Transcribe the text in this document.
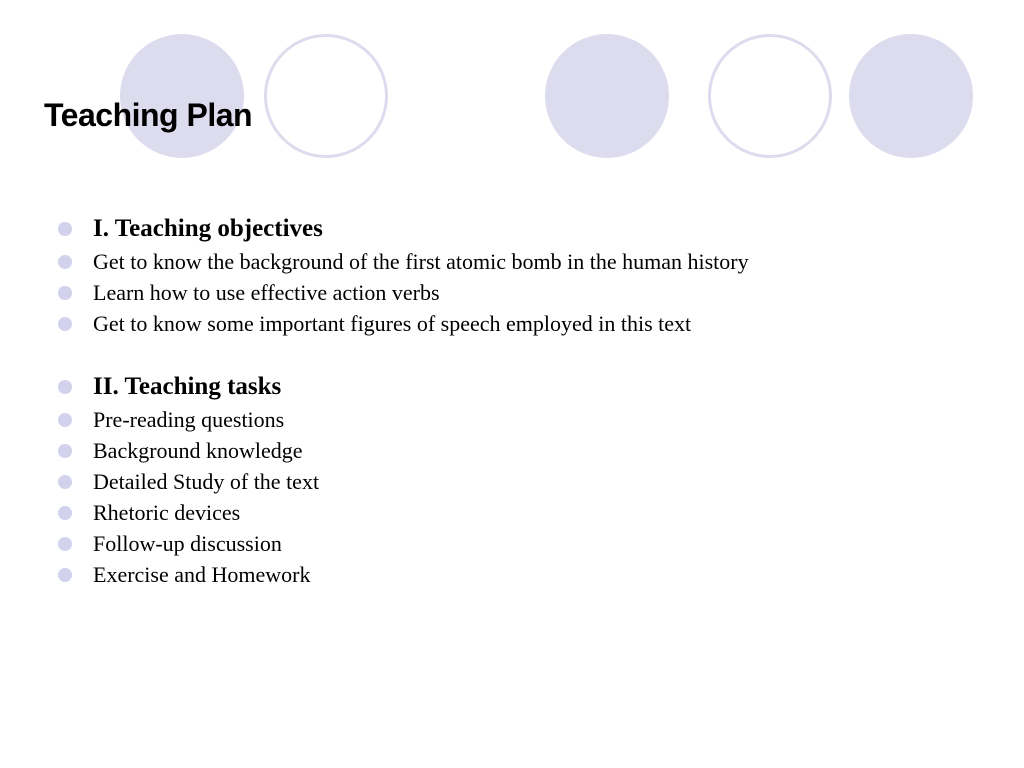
Teaching Plan
I. Teaching objectives
Get to know the background of the first atomic bomb in the human history
Learn how to use effective action verbs
Get to know some important figures of speech employed in this text
II. Teaching tasks
Pre-reading questions
Background knowledge
Detailed Study of the text
Rhetoric devices
Follow-up discussion
Exercise and Homework
